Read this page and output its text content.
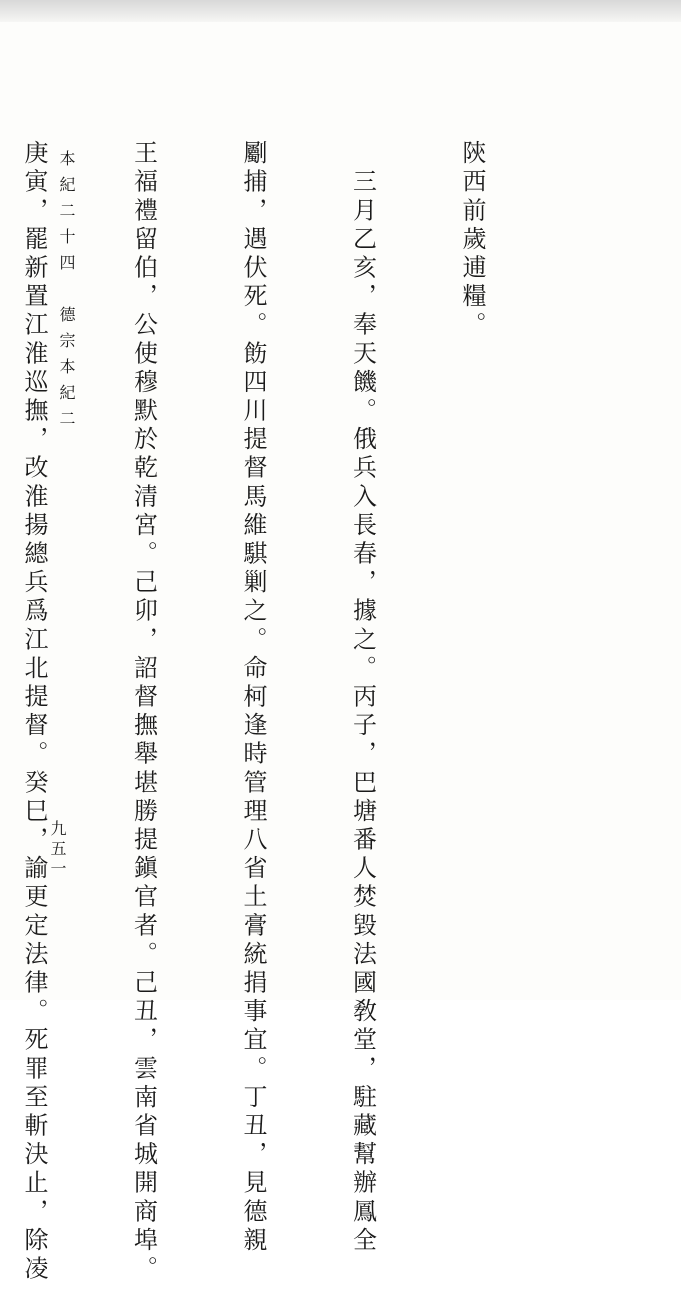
陝西前歲逋糧。

　三月乙亥，奉天饑。俄兵入長春，據之。丙子，巴塘番人焚毀法國敎堂，駐藏幫辦鳳全

劚捕，遇伏死。飭四川提督馬維騏剿之。命柯逢時管理八省土膏統捐事宜。丁丑，見德親

王福禮留伯，公使穆默於乾清宮。己卯，詔督撫舉堪勝提鎭官者。己丑，雲南省城開商埠。

庚寅，罷新置江淮巡撫，改淮揚總兵爲江北提督。癸巳，諭更定法律。死罪至斬決止，除凌

本紀二十四　德宗本紀二
九五一
